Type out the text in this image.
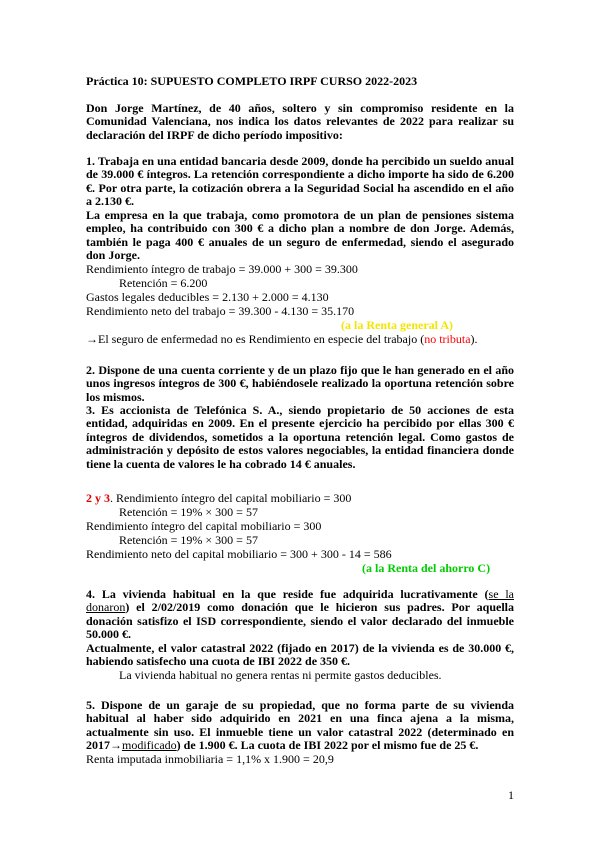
Práctica 10: SUPUESTO COMPLETO IRPF CURSO 2022-2023
Don Jorge Martínez, de 40 años, soltero y sin compromiso residente en la Comunidad Valenciana, nos indica los datos relevantes de 2022 para realizar su declaración del IRPF de dicho período impositivo:
1. Trabaja en una entidad bancaria desde 2009, donde ha percibido un sueldo anual de 39.000 € íntegros. La retención correspondiente a dicho importe ha sido de 6.200 €. Por otra parte, la cotización obrera a la Seguridad Social ha ascendido en el año a 2.130 €.
La empresa en la que trabaja, como promotora de un plan de pensiones sistema empleo, ha contribuido con 300 € a dicho plan a nombre de don Jorge. Además, también le paga 400 € anuales de un seguro de enfermedad, siendo el asegurado don Jorge.
Rendimiento íntegro de trabajo = 39.000 + 300 = 39.300
Retención = 6.200
Gastos legales deducibles = 2.130 + 2.000 = 4.130
Rendimiento neto del trabajo = 39.300 - 4.130 = 35.170
(a la Renta general A)
→El seguro de enfermedad no es Rendimiento en especie del trabajo (no tributa).
2. Dispone de una cuenta corriente y de un plazo fijo que le han generado en el año unos ingresos íntegros de 300 €, habiéndosele realizado la oportuna retención sobre los mismos.
3. Es accionista de Telefónica S. A., siendo propietario de 50 acciones de esta entidad, adquiridas en 2009. En el presente ejercicio ha percibido por ellas 300 € íntegros de dividendos, sometidos a la oportuna retención legal. Como gastos de administración y depósito de estos valores negociables, la entidad financiera donde tiene la cuenta de valores le ha cobrado 14 € anuales.
2 y 3. Rendimiento íntegro del capital mobiliario = 300
Retención = 19% × 300 = 57
Rendimiento íntegro del capital mobiliario = 300
Retención = 19% × 300 = 57
Rendimiento neto del capital mobiliario = 300 + 300 - 14 = 586
(a la Renta del ahorro C)
4. La vivienda habitual en la que reside fue adquirida lucrativamente (se la donaron) el 2/02/2019 como donación que le hicieron sus padres. Por aquella donación satisfizo el ISD correspondiente, siendo el valor declarado del inmueble 50.000 €.
Actualmente, el valor catastral 2022 (fijado en 2017) de la vivienda es de 30.000 €, habiendo satisfecho una cuota de IBI 2022 de 350 €.
La vivienda habitual no genera rentas ni permite gastos deducibles.
5. Dispone de un garaje de su propiedad, que no forma parte de su vivienda habitual al haber sido adquirido en 2021 en una finca ajena a la misma, actualmente sin uso. El inmueble tiene un valor catastral 2022 (determinado en 2017→modificado) de 1.900 €. La cuota de IBI 2022 por el mismo fue de 25 €.
Renta imputada inmobiliaria = 1,1% x 1.900 = 20,9
1
